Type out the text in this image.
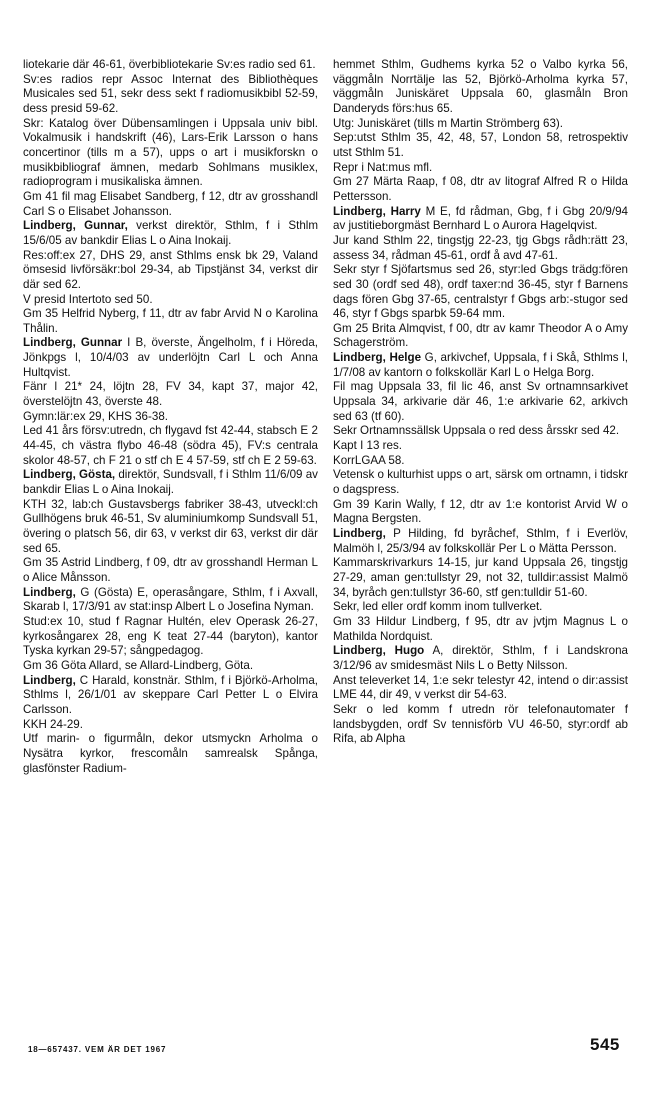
liotekarie där 46-61, överbibliotekarie Sv:es radio sed 61.

Sv:es radios repr Assoc Internat des Bibliothèques Musicales sed 51, sekr dess sekt f radiomusikbibl 52-59, dess presid 59-62.

Skr: Katalog över Dübensamlingen i Uppsala univ bibl. Vokalmusik i handskrift (46), Lars-Erik Larsson o hans concertinor (tills m a 57), upps o art i musikforskn o musikbibliograf ämnen, medarb Sohlmans musiklex, radioprogram i musikaliska ämnen.

Gm 41 fil mag Elisabet Sandberg, f 12, dtr av grosshandl Carl S o Elisabet Johansson.

Lindberg, Gunnar, verkst direktör, Sthlm, f i Sthlm 15/6/05 av bankdir Elias L o Aina Inokaij.

Res:off:ex 27, DHS 29, anst Sthlms ensk bk 29, Valand ömsesid livförsäkr:bol 29-34, ab Tipstjänst 34, verkst dir där sed 62.

V presid Intertoto sed 50.

Gm 35 Helfrid Nyberg, f 11, dtr av fabr Arvid N o Karolina Thålin.

Lindberg, Gunnar I B, överste, Ängelholm, f i Höreda, Jönkpgs l, 10/4/03 av underlöjtn Carl L och Anna Hultqvist.

Fänr l 21* 24, löjtn 28, FV 34, kapt 37, major 42, överstelöjtn 43, överste 48.

Gymn:lär:ex 29, KHS 36-38.

Led 41 års försv:utredn, ch flygavd fst 42-44, stabsch E 2 44-45, ch västra flybo 46-48 (södra 45), FV:s centrala skolor 48-57, ch F 21 o stf ch E 4 57-59, stf ch E 2 59-63.

Lindberg, Gösta, direktör, Sundsvall, f i Sthlm 11/6/09 av bankdir Elias L o Aina Inokaij.

KTH 32, lab:ch Gustavsbergs fabriker 38-43, utveckl:ch Gullhögens bruk 46-51, Sv aluminiumkomp Sundsvall 51, övering o platsch 56, dir 63, v verkst dir 63, verkst dir där sed 65.

Gm 35 Astrid Lindberg, f 09, dtr av grosshandl Herman L o Alice Månsson.

Lindberg, G (Gösta) E, operasångare, Sthlm, f i Axvall, Skarab l, 17/3/91 av stat:insp Albert L o Josefina Nyman.

Stud:ex 10, stud f Ragnar Hultén, elev Operask 26-27, kyrkosångarex 28, eng K teat 27-44 (baryton), kantor Tyska kyrkan 29-57; sångpedagog.

Gm 36 Göta Allard, se Allard-Lindberg, Göta.

Lindberg, C Harald, konstnär. Sthlm, f i Björkö-Arholma, Sthlms l, 26/1/01 av skeppare Carl Petter L o Elvira Carlsson.

KKH 24-29.

Utf marin- o figurmåln, dekor utsmyckn Arholma o Nysätra kyrkor, frescomåln samrealsk Spånga, glasfönster Radium-

hemmet Sthlm, Gudhems kyrka 52 o Valbo kyrka 56, väggmåln Norrtälje las 52, Björkö-Arholma kyrka 57, väggmåln Juniskäret Uppsala 60, glasmåln Bron Danderyds förs:hus 65.

Utg: Juniskäret (tills m Martin Strömberg 63).

Sep:utst Sthlm 35, 42, 48, 57, London 58, retrospektiv utst Sthlm 51.

Repr i Nat:mus mfl.

Gm 27 Märta Raap, f 08, dtr av litograf Alfred R o Hilda Pettersson.

Lindberg, Harry M E, fd rådman, Gbg, f i Gbg 20/9/94 av justitieborgmäst Bernhard L o Aurora Hagelqvist.

Jur kand Sthlm 22, tingstjg 22-23, tjg Gbgs rådh:rätt 23, assess 34, rådman 45-61, ordf å avd 47-61.

Sekr styr f Sjöfartsmus sed 26, styr:led Gbgs trädg:fören sed 30 (ordf sed 48), ordf taxer:nd 36-45, styr f Barnens dags fören Gbg 37-65, centralstyr f Gbgs arb:-stugor sed 46, styr f Gbgs sparbk 59-64 mm.

Gm 25 Brita Almqvist, f 00, dtr av kamr Theodor A o Amy Schagerström.

Lindberg, Helge G, arkivchef, Uppsala, f i Skå, Sthlms l, 1/7/08 av kantorn o folkskollär Karl L o Helga Borg.

Fil mag Uppsala 33, fil lic 46, anst Sv ortnamnsarkivet Uppsala 34, arkivarie där 46, 1:e arkivarie 62, arkivch sed 63 (tf 60).

Sekr Ortnamnssällsk Uppsala o red dess årsskr sed 42.

Kapt I 13 res.

KorrLGAA 58.

Vetensk o kulturhist upps o art, särsk om ortnamn, i tidskr o dagspress.

Gm 39 Karin Wally, f 12, dtr av 1:e kontorist Arvid W o Magna Bergsten.

Lindberg, P Hilding, fd byråchef, Sthlm, f i Everlöv, Malmöh l, 25/3/94 av folkskollär Per L o Mätta Persson.

Kammarskrivarkurs 14-15, jur kand Uppsala 26, tingstjg 27-29, aman gen:tullstyr 29, not 32, tulldir:assist Malmö 34, byråch gen:tullstyr 36-60, stf gen:tulldir 51-60.

Sekr, led eller ordf komm inom tullverket.

Gm 33 Hildur Lindberg, f 95, dtr av jvtjm Magnus L o Mathilda Nordquist.

Lindberg, Hugo A, direktör, Sthlm, f i Landskrona 3/12/96 av smidesmäst Nils L o Betty Nilsson.

Anst televerket 14, 1:e sekr telestyr 42, intend o dir:assist LME 44, dir 49, v verkst dir 54-63.

Sekr o led komm f utredn rör telefonautomater f landsbygden, ordf Sv tennisförb VU 46-50, styr:ordf ab Rifa, ab Alpha

18—657437. VEM ÄR DET 1967	545
